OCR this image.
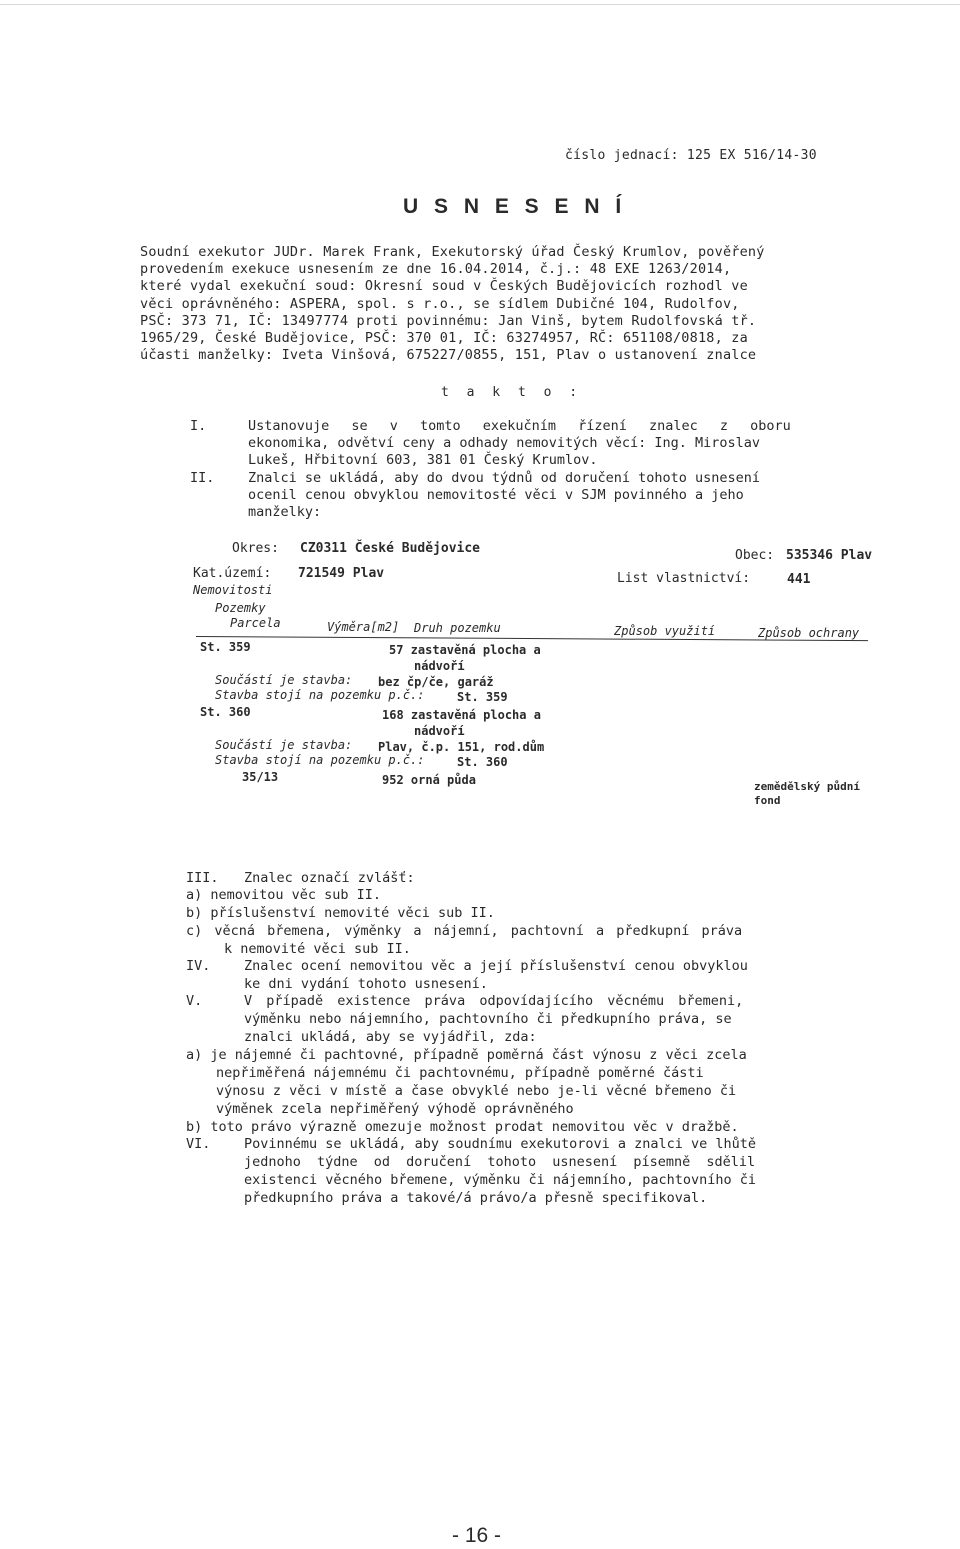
číslo jednací: 125 EX 516/14-30
U S N E S E N Í
Soudní exekutor JUDr. Marek Frank, Exekutorský úřad Český Krumlov, pověřený
provedením exekuce usnesením ze dne 16.04.2014, č.j.: 48 EXE 1263/2014,
které vydal exekuční soud: Okresní soud v Českých Budějovicích rozhodl ve
věci oprávněného: ASPERA, spol. s r.o., se sídlem Dubičné 104, Rudolfov,
PSČ: 373 71, IČ: 13497774 proti povinnému: Jan Vinš, bytem Rudolfovská tř.
1965/29, České Budějovice, PSČ: 370 01, IČ: 63274957, RČ: 651108/0818, za
účasti manželky: Iveta Vinšová, 675227/0855, 151, Plav o ustanovení znalce
t a k t o :
I.	Ustanovuje se v tomto exekučním řízení znalec z oboru
ekonomika, odvětví ceny a odhady nemovitých věcí: Ing. Miroslav
Lukeš, Hřbitovní 603, 381 01 Český Krumlov.
II. Znalci se ukládá, aby do dvou týdnů od doručení tohoto usnesení
ocenil cenou obvyklou nemovitosté věci v SJM povinného a jeho
manželky:
Okres: CZ0311 České Budějovice	Obec: 535346 Plav
Kat.území: 721549 Plav	List vlastnictví:	441
Nemovitosti
Pozemky
Parcela	Výměra[m2] Druh pozemku	Způsob využití	Způsob ochrany
St. 359	57 zastavěná plocha a
nádvoří
Součástí je stavba: bez čp/če, garáž
Stavba stojí na pozemku p.č.:	St. 359
St. 360	168 zastavěná plocha a
nádvoří
Součástí je stavba: Plav, č.p. 151, rod.dům
Stavba stojí na pozemku p.č.:	St. 360
35/13	952 orná půda	zemědělský půdní
fond
III. Znalec označí zvlášť:
a) nemovitou věc sub II.
b) příslušenství nemovité věci sub II.
c) věcná břemena, výměnky a nájemní, pachtovní a předkupní práva
k nemovité věci sub II.
IV. Znalec ocení nemovitou věc a její příslušenství cenou obvyklou
ke dni vydání tohoto usnesení.
V.	V případě existence práva odpovídajícího věcnému břemeni,
výměnku nebo nájemního, pachtovního či předkupního práva, se
znalci ukládá, aby se vyjádřil, zda:
a) je nájemné či pachtovné, případně poměrná část výnosu z věci zcela
nepřiměřená nájemnému či pachtovnému, případně poměrné části
výnosu z věci v místě a čase obvyklé nebo je-li věcné břemeno či
výměnek zcela nepřiměřený výhodě oprávněného
b) toto právo výrazně omezuje možnost prodat nemovitou věc v dražbě.
VI. Povinnému se ukládá, aby soudnímu exekutorovi a znalci ve lhůtě
jednoho týdne od doručení tohoto usnesení písemně sdělil
existenci věcného břemene, výměnku či nájemního, pachtovního či
předkupního práva a takové/á právo/a přesně specifikoval.
- 16 -
